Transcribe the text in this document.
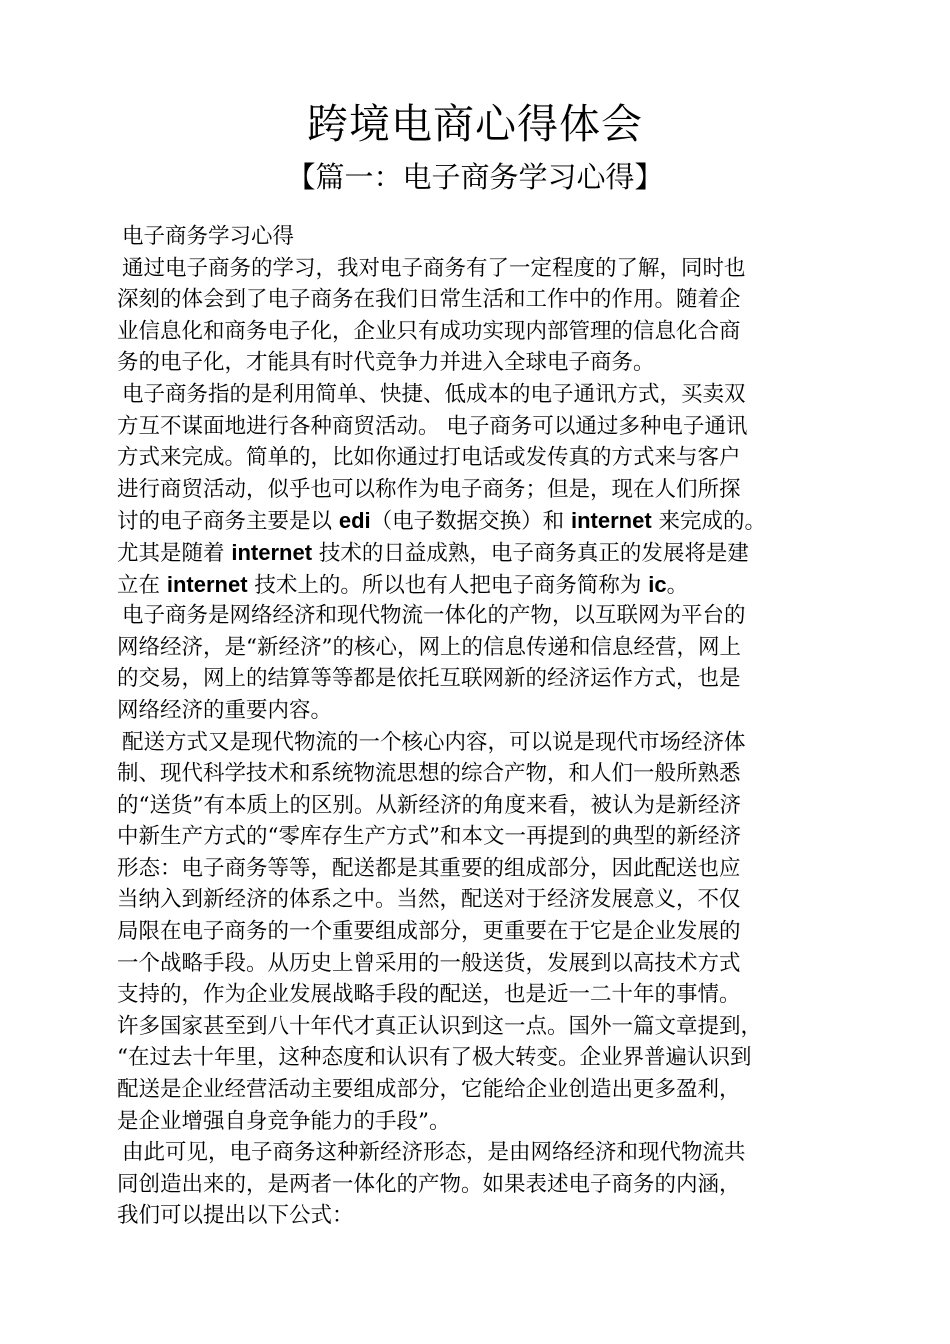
跨境电商心得体会
【篇一：电子商务学习心得】
电子商务学习心得
通过电子商务的学习，我对电子商务有了一定程度的了解，同时也
深刻的体会到了电子商务在我们日常生活和工作中的作用。随着企
业信息化和商务电子化，企业只有成功实现内部管理的信息化合商
务的电子化，才能具有时代竞争力并进入全球电子商务。
电子商务指的是利用简单、快捷、低成本的电子通讯方式，买卖双
方互不谋面地进行各种商贸活动。 电子商务可以通过多种电子通讯
方式来完成。简单的，比如你通过打电话或发传真的方式来与客户
进行商贸活动，似乎也可以称作为电子商务；但是，现在人们所探
讨的电子商务主要是以 edi（电子数据交换）和 internet 来完成的。
尤其是随着 internet 技术的日益成熟，电子商务真正的发展将是建
立在 internet 技术上的。所以也有人把电子商务简称为 ic。
电子商务是网络经济和现代物流一体化的产物，以互联网为平台的
网络经济，是“新经济”的核心，网上的信息传递和信息经营，网上
的交易，网上的结算等等都是依托互联网新的经济运作方式，也是
网络经济的重要内容。
配送方式又是现代物流的一个核心内容，可以说是现代市场经济体
制、现代科学技术和系统物流思想的综合产物，和人们一般所熟悉
的“送货”有本质上的区别。从新经济的角度来看，被认为是新经济
中新生产方式的“零库存生产方式”和本文一再提到的典型的新经济
形态：电子商务等等，配送都是其重要的组成部分，因此配送也应
当纳入到新经济的体系之中。当然，配送对于经济发展意义，不仅
局限在电子商务的一个重要组成部分，更重要在于它是企业发展的
一个战略手段。从历史上曾采用的一般送货，发展到以高技术方式
支持的，作为企业发展战略手段的配送，也是近一二十年的事情。
许多国家甚至到八十年代才真正认识到这一点。国外一篇文章提到，
“在过去十年里，这种态度和认识有了极大转变。企业界普遍认识到
配送是企业经营活动主要组成部分，它能给企业创造出更多盈利，
是企业增强自身竞争能力的手段”。
由此可见，电子商务这种新经济形态，是由网络经济和现代物流共
同创造出来的，是两者一体化的产物。如果表述电子商务的内涵，
我们可以提出以下公式：
